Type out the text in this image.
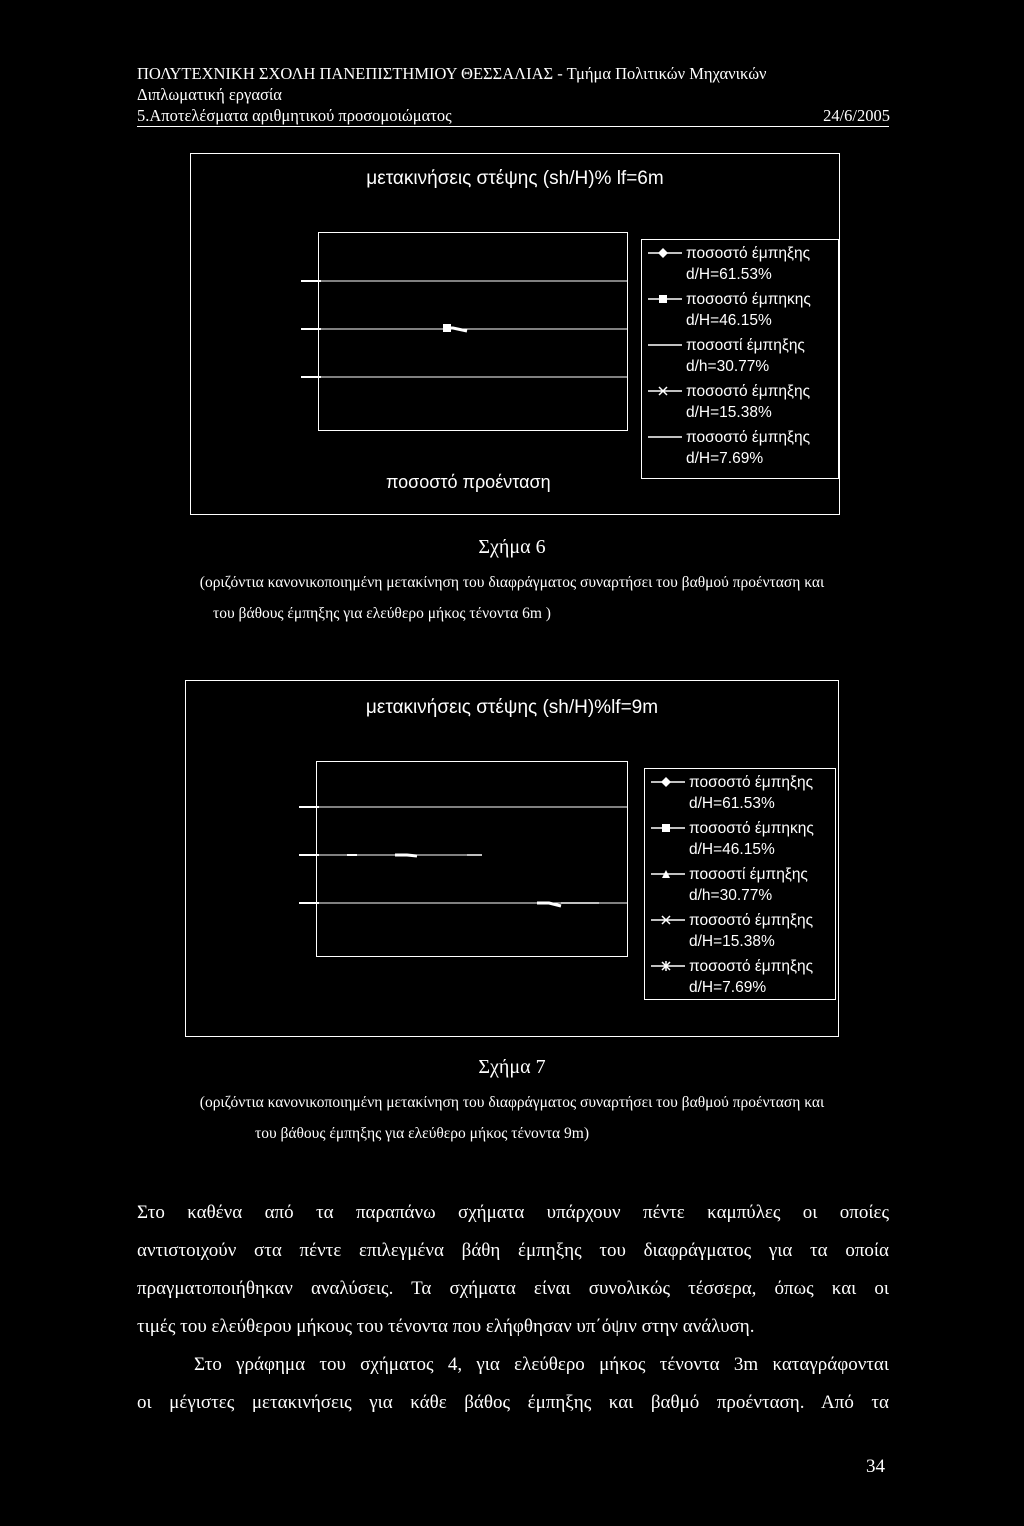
ΠΟΛΥΤΕΧΝΙΚΗ ΣΧΟΛΗ ΠΑΝΕΠΙΣΤΗΜΙΟΥ ΘΕΣΣΑΛΙΑΣ - Τμήμα Πολιτικών Μηχανικών
Διπλωματική εργασία
5.Αποτελέσματα αριθμητικού προσομοιώματος	24/6/2005
μετακινήσεις στέψης (sh/H)% lf=6m
ποσοστό προένταση
ποσοστό έμπηξης
d/H=61.53%
ποσοστό έμπηκης
d/H=46.15%
ποσοστί έμπηξης
d/h=30.77%
ποσοστό έμπηξης
d/H=15.38%
ποσοστό έμπηξης
d/H=7.69%
Σχήμα 6
(οριζόντια κανονικοποιημένη μετακίνηση του διαφράγματος συναρτήσει του βαθμού προένταση και
του βάθους έμπηξης για ελεύθερο μήκος τένοντα 6m )
μετακινήσεις στέψης (sh/H)%lf=9m
ποσοστό έμπηξης
d/H=61.53%
ποσοστό έμπηκης
d/H=46.15%
ποσοστί έμπηξης
d/h=30.77%
ποσοστό έμπηξης
d/H=15.38%
ποσοστό έμπηξης
d/H=7.69%
Σχήμα 7
(οριζόντια κανονικοποιημένη μετακίνηση του διαφράγματος συναρτήσει του βαθμού προένταση και
του βάθους έμπηξης για ελεύθερο μήκος τένοντα 9m)
Στο καθένα από τα παραπάνω σχήματα υπάρχουν πέντε καμπύλες οι οποίες
αντιστοιχούν στα πέντε επιλεγμένα βάθη έμπηξης του διαφράγματος για τα οποία
πραγματοποιήθηκαν αναλύσεις. Τα σχήματα είναι συνολικώς τέσσερα, όπως και οι
τιμές του ελεύθερου μήκους του τένοντα που ελήφθησαν υπ΄όψιν στην ανάλυση.
Στο γράφημα του σχήματος 4, για ελεύθερο μήκος τένοντα 3m καταγράφονται
οι μέγιστες μετακινήσεις για κάθε βάθος έμπηξης και βαθμό προένταση. Από τα
34
